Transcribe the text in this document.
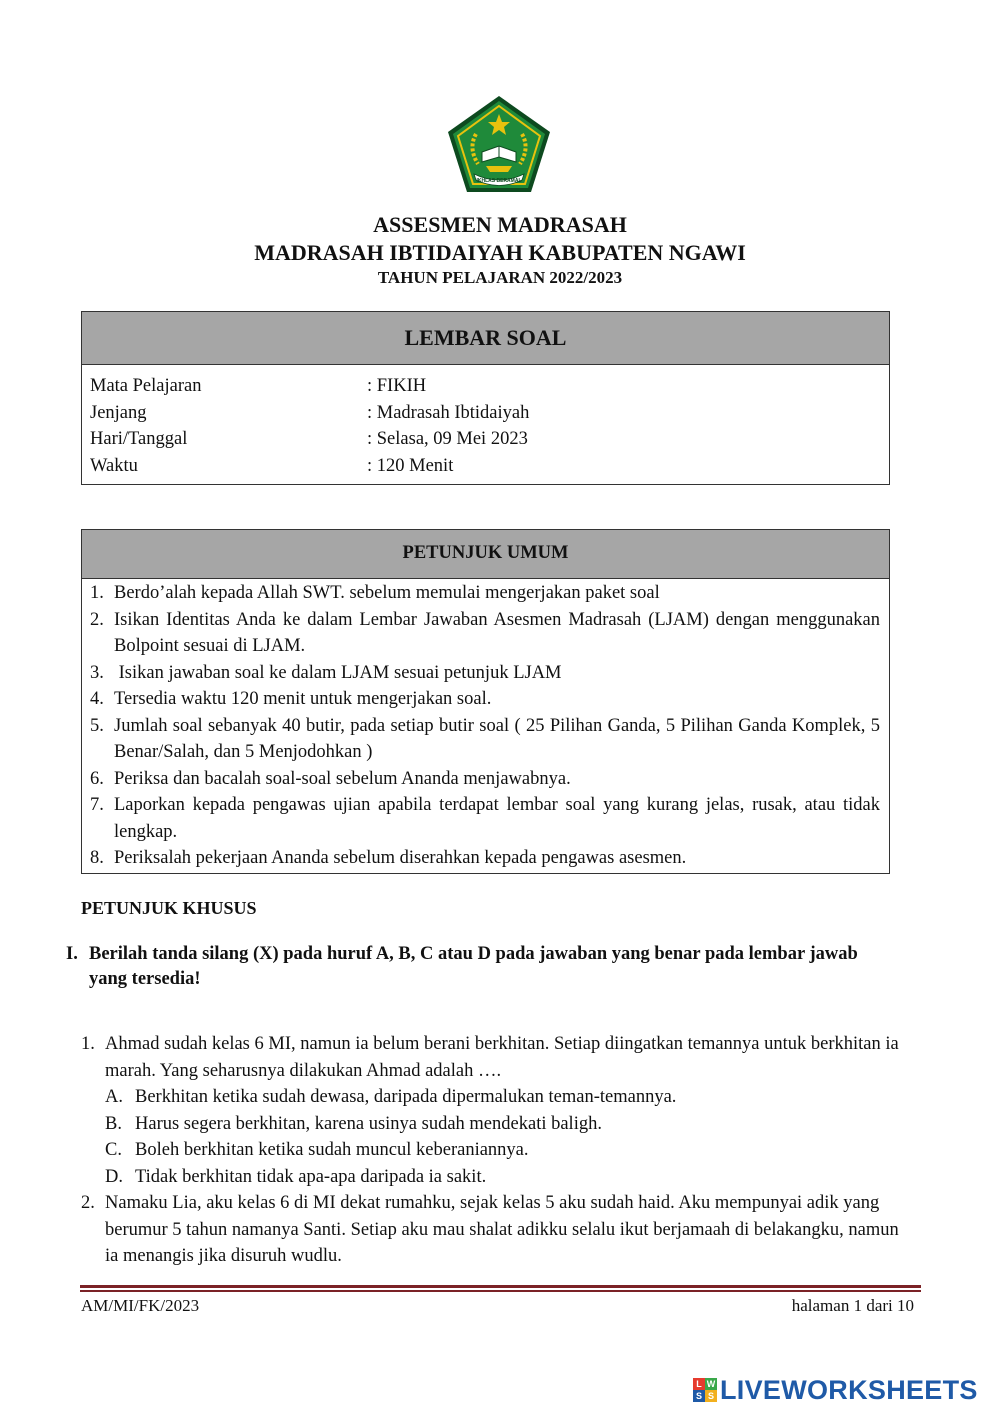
IKHLAS BERAMAL
ASSESMEN MADRASAH
MADRASAH IBTIDAIYAH KABUPATEN NGAWI
TAHUN PELAJARAN 2022/2023
LEMBAR SOAL
Mata Pelajaran	: FIKIH
Jenjang	: Madrasah Ibtidaiyah
Hari/Tanggal	: Selasa, 09 Mei 2023
Waktu	: 120 Menit
PETUNJUK UMUM
1. Berdo’alah kepada Allah SWT. sebelum memulai mengerjakan paket soal
2. Isikan Identitas Anda ke dalam Lembar Jawaban Asesmen Madrasah (LJAM) dengan menggunakan Bolpoint sesuai di LJAM.
3. Isikan jawaban soal ke dalam LJAM sesuai petunjuk LJAM
4. Tersedia waktu 120 menit untuk mengerjakan soal.
5. Jumlah soal sebanyak 40 butir, pada setiap butir soal ( 25 Pilihan Ganda, 5 Pilihan Ganda Komplek, 5 Benar/Salah, dan 5 Menjodohkan )
6. Periksa dan bacalah soal-soal sebelum Ananda menjawabnya.
7. Laporkan kepada pengawas ujian apabila terdapat lembar soal yang kurang jelas, rusak, atau tidak lengkap.
8. Periksalah pekerjaan Ananda sebelum diserahkan kepada pengawas asesmen.
PETUNJUK KHUSUS
I. Berilah tanda silang (X) pada huruf A, B, C atau D pada jawaban yang benar pada lembar jawab yang tersedia!
1. Ahmad sudah kelas 6 MI, namun ia belum berani berkhitan. Setiap diingatkan temannya untuk berkhitan ia marah. Yang seharusnya dilakukan Ahmad adalah ….
A. Berkhitan ketika sudah dewasa, daripada dipermalukan teman-temannya.
B. Harus segera berkhitan, karena usinya sudah mendekati baligh.
C. Boleh berkhitan ketika sudah muncul keberaniannya.
D. Tidak berkhitan tidak apa-apa daripada ia sakit.
2. Namaku Lia, aku kelas 6 di MI dekat rumahku, sejak kelas 5 aku sudah haid. Aku mempunyai adik yang berumur 5 tahun namanya Santi. Setiap aku mau shalat adikku selalu ikut berjamaah di belakangku, namun ia menangis jika disuruh wudlu.
AM/MI/FK/2023	halaman 1 dari 10
L W
S S LIVEWORKSHEETS
